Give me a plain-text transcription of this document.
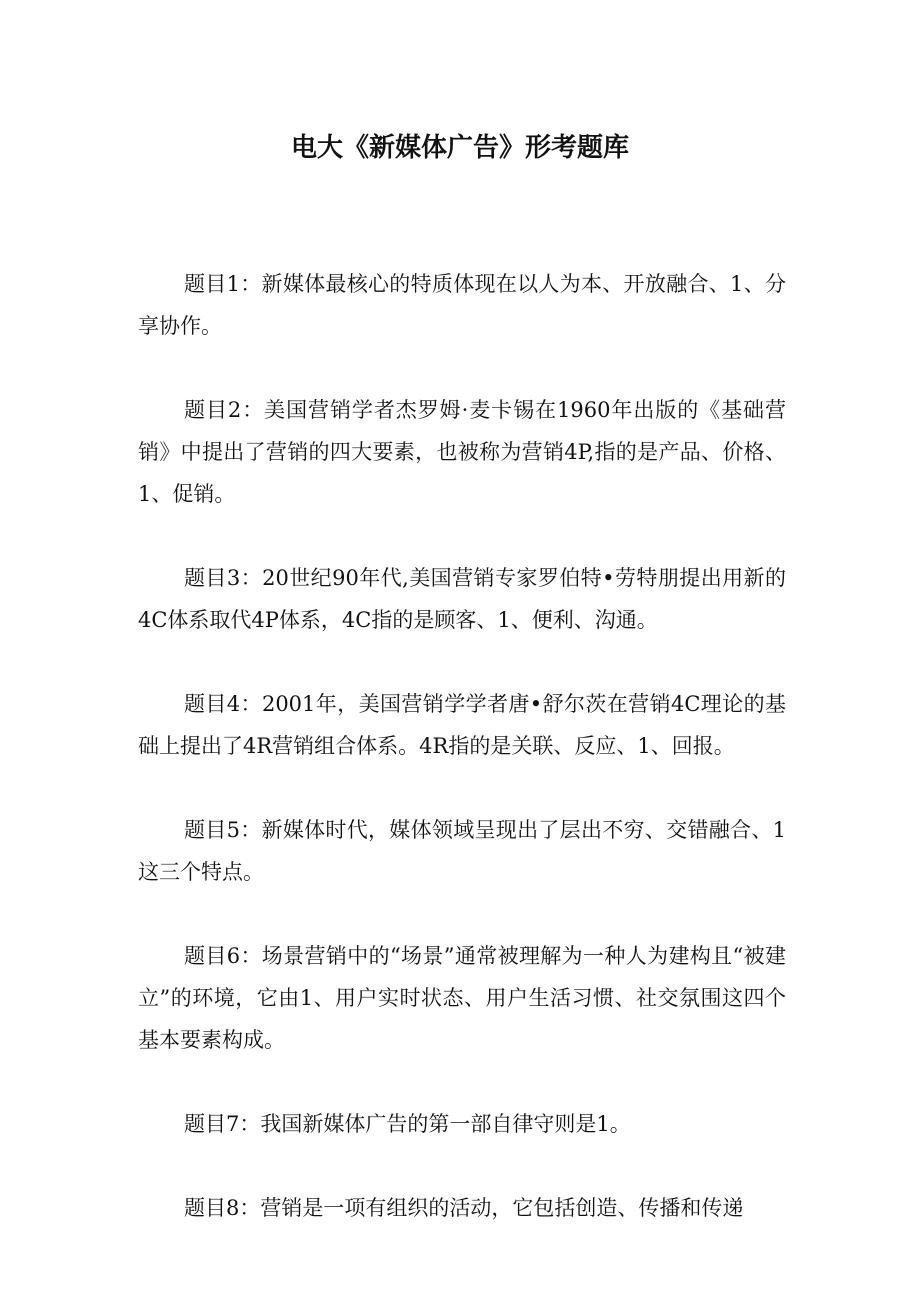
电大《新媒体广告》形考题库
题目1：新媒体最核心的特质体现在以人为本、开放融合、1、分享协作。
题目2：美国营销学者杰罗姆·麦卡锡在1960年出版的《基础营销》中提出了营销的四大要素，也被称为营销4P,指的是产品、价格、1、促销。
题目3：20世纪90年代,美国营销专家罗伯特•劳特朋提出用新的4C体系取代4P体系，4C指的是顾客、1、便利、沟通。
题目4：2001年，美国营销学学者唐•舒尔茨在营销4C理论的基础上提出了4R营销组合体系。4R指的是关联、反应、1、回报。
题目5：新媒体时代，媒体领域呈现出了层出不穷、交错融合、1这三个特点。
题目6：场景营销中的“场景”通常被理解为一种人为建构且“被建立”的环境，它由1、用户实时状态、用户生活习惯、社交氛围这四个基本要素构成。
题目7：我国新媒体广告的第一部自律守则是1。
题目8：营销是一项有组织的活动，它包括创造、传播和传递
